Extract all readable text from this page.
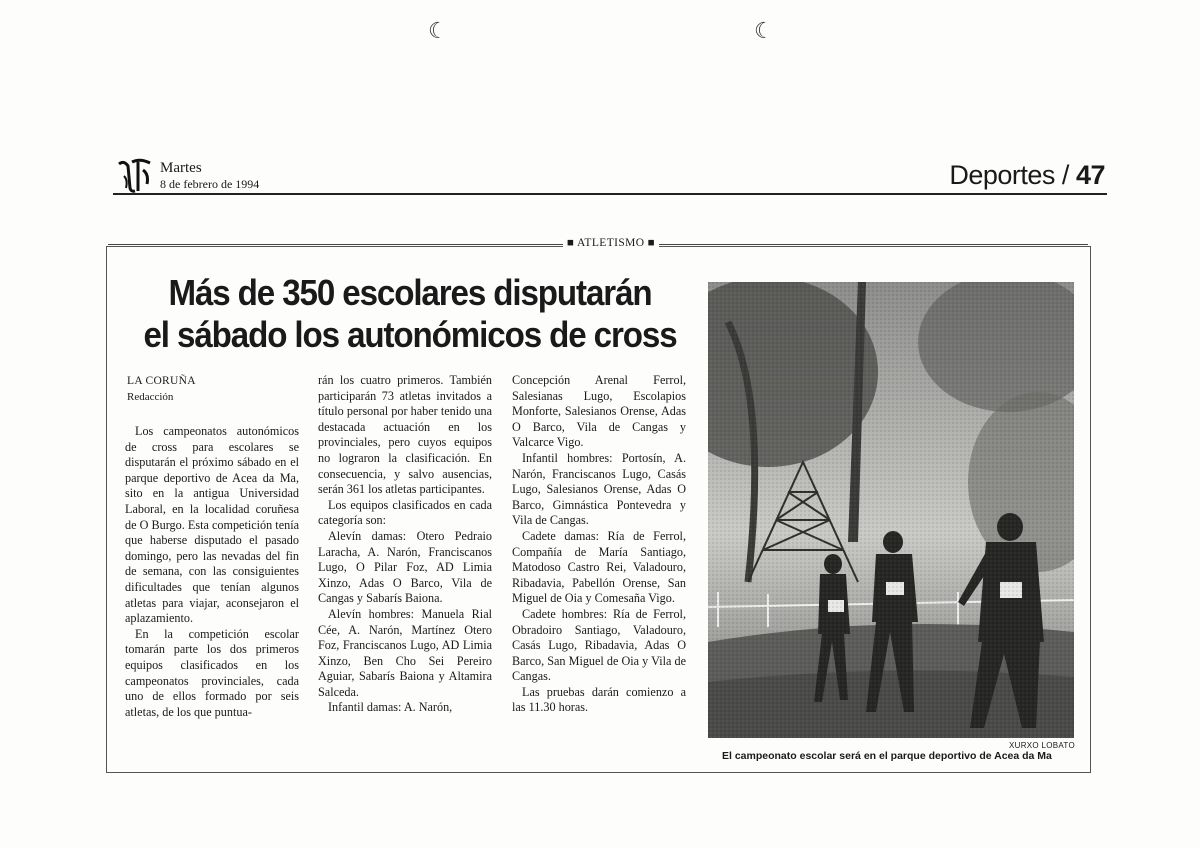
☾	☾
Martes
8 de febrero de 1994	Deportes / 47
■ ATLETISMO ■
Más de 350 escolares disputarán
el sábado los autonómicos de cross
LA CORUÑA
Redacción

Los campeonatos autonómicos de cross para escolares se disputarán el próximo sábado en el parque deportivo de Acea da Ma, sito en la antigua Universidad Laboral, en la localidad coruñesa de O Burgo. Esta competición tenía que haberse disputado el pasado domingo, pero las nevadas del fin de semana, con las consiguientes dificultades que tenían algunos atletas para viajar, aconsejaron el aplazamiento.

En la competición escolar tomarán parte los dos primeros equipos clasificados en los campeonatos provinciales, cada uno de ellos formado por seis atletas, de los que puntua-

rán los cuatro primeros. También participarán 73 atletas invitados a título personal por haber tenido una destacada actuación en los provinciales, pero cuyos equipos no lograron la clasificación. En consecuencia, y salvo ausencias, serán 361 los atletas participantes.

Los equipos clasificados en cada categoría son:

Alevín damas: Otero Pedraio Laracha, A. Narón, Franciscanos Lugo, O Pilar Foz, AD Limia Xinzo, Adas O Barco, Vila de Cangas y Sabarís Baiona.

Alevín hombres: Manuela Rial Cée, A. Narón, Martínez Otero Foz, Franciscanos Lugo, AD Limia Xinzo, Ben Cho Sei Pereiro Aguiar, Sabarís Baiona y Altamira Salceda.

Infantil damas: A. Narón,

Concepción Arenal Ferrol, Salesianas Lugo, Escolapios Monforte, Salesianos Orense, Adas O Barco, Vila de Cangas y Valcarce Vigo.

Infantil hombres: Portosín, A. Narón, Franciscanos Lugo, Casás Lugo, Salesianos Orense, Adas O Barco, Gimnástica Pontevedra y Vila de Cangas.

Cadete damas: Ría de Ferrol, Compañía de María Santiago, Matodoso Castro Rei, Valadouro, Ribadavia, Pabellón Orense, San Miguel de Oia y Comesaña Vigo.

Cadete hombres: Ría de Ferrol, Obradoiro Santiago, Valadouro, Casás Lugo, Ribadavia, Adas O Barco, San Miguel de Oia y Vila de Cangas.

Las pruebas darán comienzo a las 11.30 horas.

XURXO LOBATO
El campeonato escolar será en el parque deportivo de Acea da Ma
